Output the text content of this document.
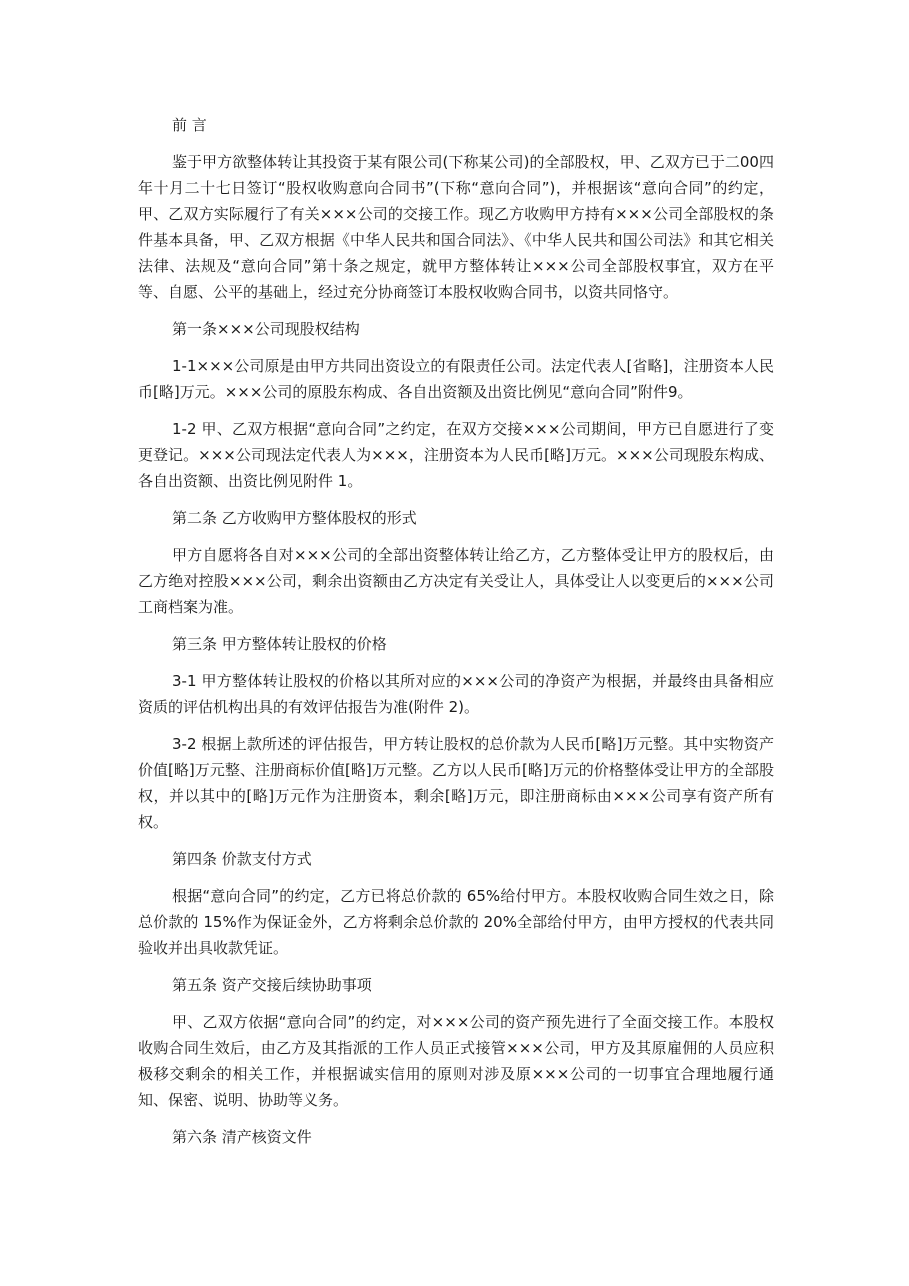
前 言

鉴于甲方欲整体转让其投资于某有限公司(下称某公司)的全部股权，甲、乙双方已于二00四年十月二十七日签订“股权收购意向合同书”(下称“意向合同”)，并根据该“意向合同”的约定，甲、乙双方实际履行了有关×××公司的交接工作。现乙方收购甲方持有×××公司全部股权的条件基本具备，甲、乙双方根据《中华人民共和国合同法》、《中华人民共和国公司法》和其它相关法律、法规及“意向合同”第十条之规定，就甲方整体转让×××公司全部股权事宜，双方在平等、自愿、公平的基础上，经过充分协商签订本股权收购合同书，以资共同恪守。

第一条×××公司现股权结构

1-1×××公司原是由甲方共同出资设立的有限责任公司。法定代表人[省略]，注册资本人民币[略]万元。×××公司的原股东构成、各自出资额及出资比例见“意向合同”附件9。

1-2 甲、乙双方根据“意向合同”之约定，在双方交接×××公司期间，甲方已自愿进行了变更登记。×××公司现法定代表人为×××，注册资本为人民币[略]万元。×××公司现股东构成、各自出资额、出资比例见附件 1。

第二条 乙方收购甲方整体股权的形式

甲方自愿将各自对×××公司的全部出资整体转让给乙方，乙方整体受让甲方的股权后，由乙方绝对控股×××公司，剩余出资额由乙方决定有关受让人，具体受让人以变更后的×××公司工商档案为准。

第三条 甲方整体转让股权的价格

3-1 甲方整体转让股权的价格以其所对应的×××公司的净资产为根据，并最终由具备相应资质的评估机构出具的有效评估报告为准(附件 2)。

3-2 根据上款所述的评估报告，甲方转让股权的总价款为人民币[略]万元整。其中实物资产价值[略]万元整、注册商标价值[略]万元整。乙方以人民币[略]万元的价格整体受让甲方的全部股权，并以其中的[略]万元作为注册资本，剩余[略]万元，即注册商标由×××公司享有资产所有权。

第四条 价款支付方式

根据“意向合同”的约定，乙方已将总价款的 65%给付甲方。本股权收购合同生效之日，除总价款的 15%作为保证金外，乙方将剩余总价款的 20%全部给付甲方，由甲方授权的代表共同验收并出具收款凭证。

第五条 资产交接后续协助事项

甲、乙双方依据“意向合同”的约定，对×××公司的资产预先进行了全面交接工作。本股权收购合同生效后，由乙方及其指派的工作人员正式接管×××公司，甲方及其原雇佣的人员应积极移交剩余的相关工作，并根据诚实信用的原则对涉及原×××公司的一切事宜合理地履行通知、保密、说明、协助等义务。

第六条 清产核资文件
